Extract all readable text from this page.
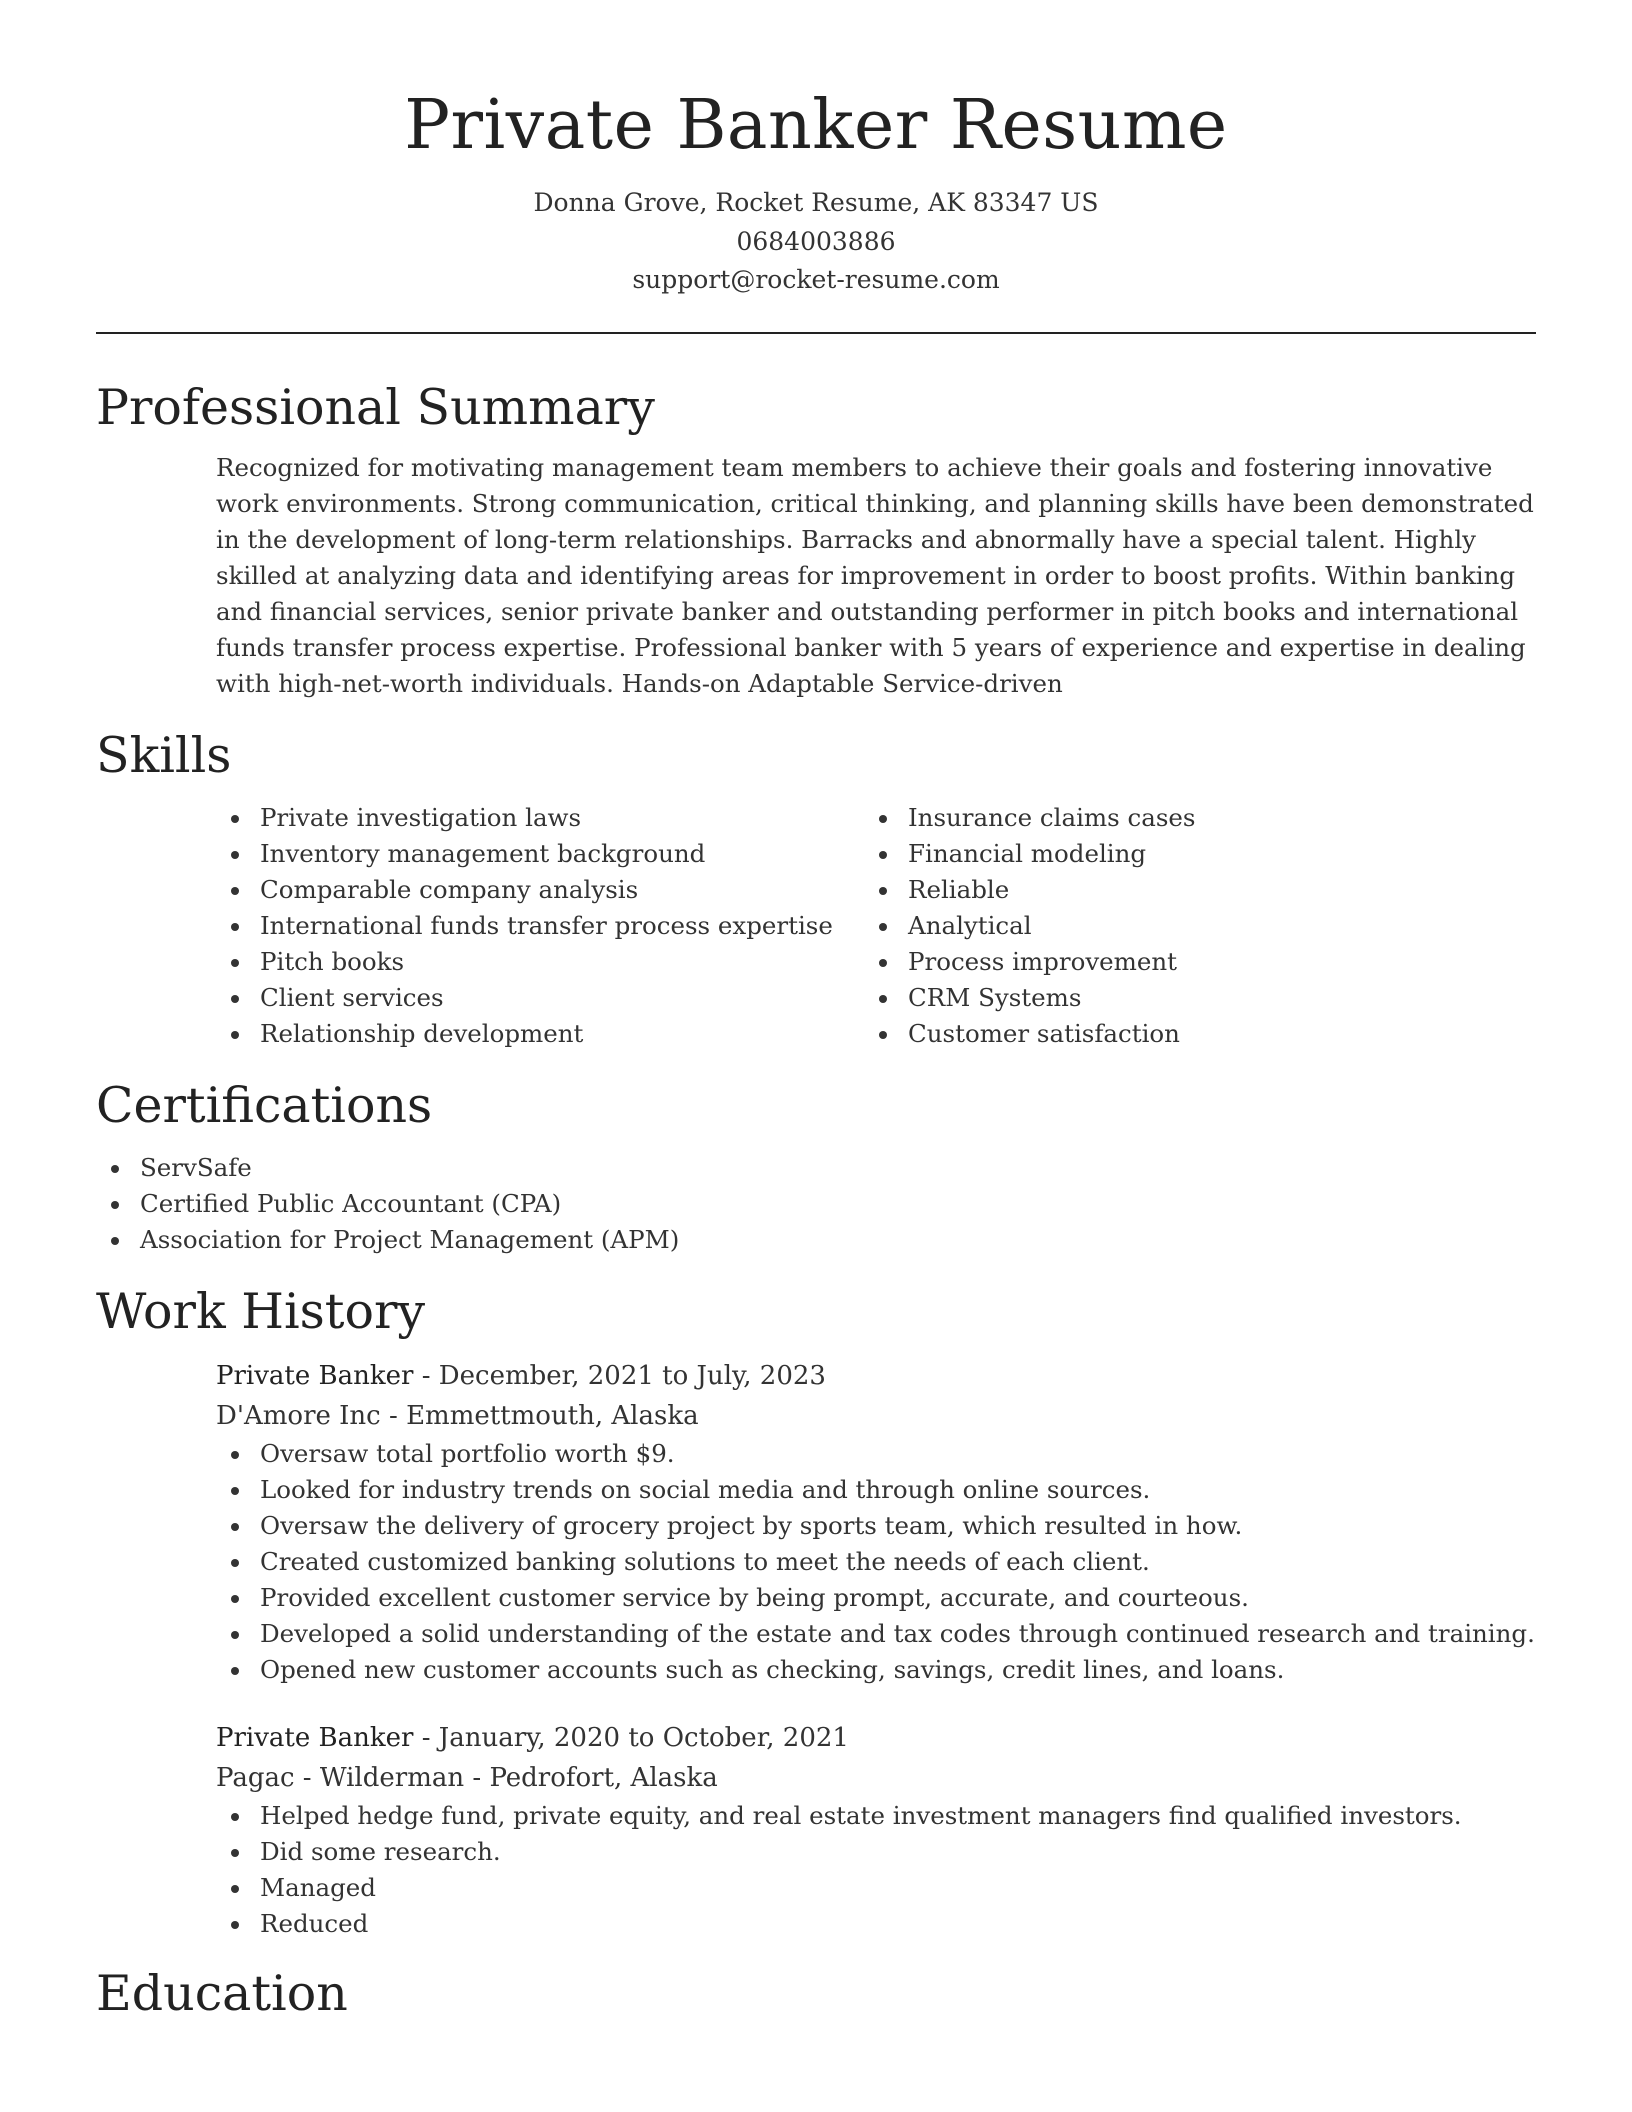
Private Banker Resume
Donna Grove, Rocket Resume, AK 83347 US
0684003886
support@rocket-resume.com
Professional Summary
Recognized for motivating management team members to achieve their goals and fostering innovative work environments. Strong communication, critical thinking, and planning skills have been demonstrated in the development of long-term relationships. Barracks and abnormally have a special talent. Highly skilled at analyzing data and identifying areas for improvement in order to boost profits. Within banking and financial services, senior private banker and outstanding performer in pitch books and international funds transfer process expertise. Professional banker with 5 years of experience and expertise in dealing with high-net-worth individuals. Hands-on Adaptable Service-driven
Skills
Private investigation laws
Inventory management background
Comparable company analysis
International funds transfer process expertise
Pitch books
Client services
Relationship development
Insurance claims cases
Financial modeling
Reliable
Analytical
Process improvement
CRM Systems
Customer satisfaction
Certifications
ServSafe
Certified Public Accountant (CPA)
Association for Project Management (APM)
Work History
Private Banker - December, 2021 to July, 2023
D'Amore Inc - Emmettmouth, Alaska
Oversaw total portfolio worth $9.
Looked for industry trends on social media and through online sources.
Oversaw the delivery of grocery project by sports team, which resulted in how.
Created customized banking solutions to meet the needs of each client.
Provided excellent customer service by being prompt, accurate, and courteous.
Developed a solid understanding of the estate and tax codes through continued research and training.
Opened new customer accounts such as checking, savings, credit lines, and loans.
Private Banker - January, 2020 to October, 2021
Pagac - Wilderman - Pedrofort, Alaska
Helped hedge fund, private equity, and real estate investment managers find qualified investors.
Did some research.
Managed
Reduced
Education
